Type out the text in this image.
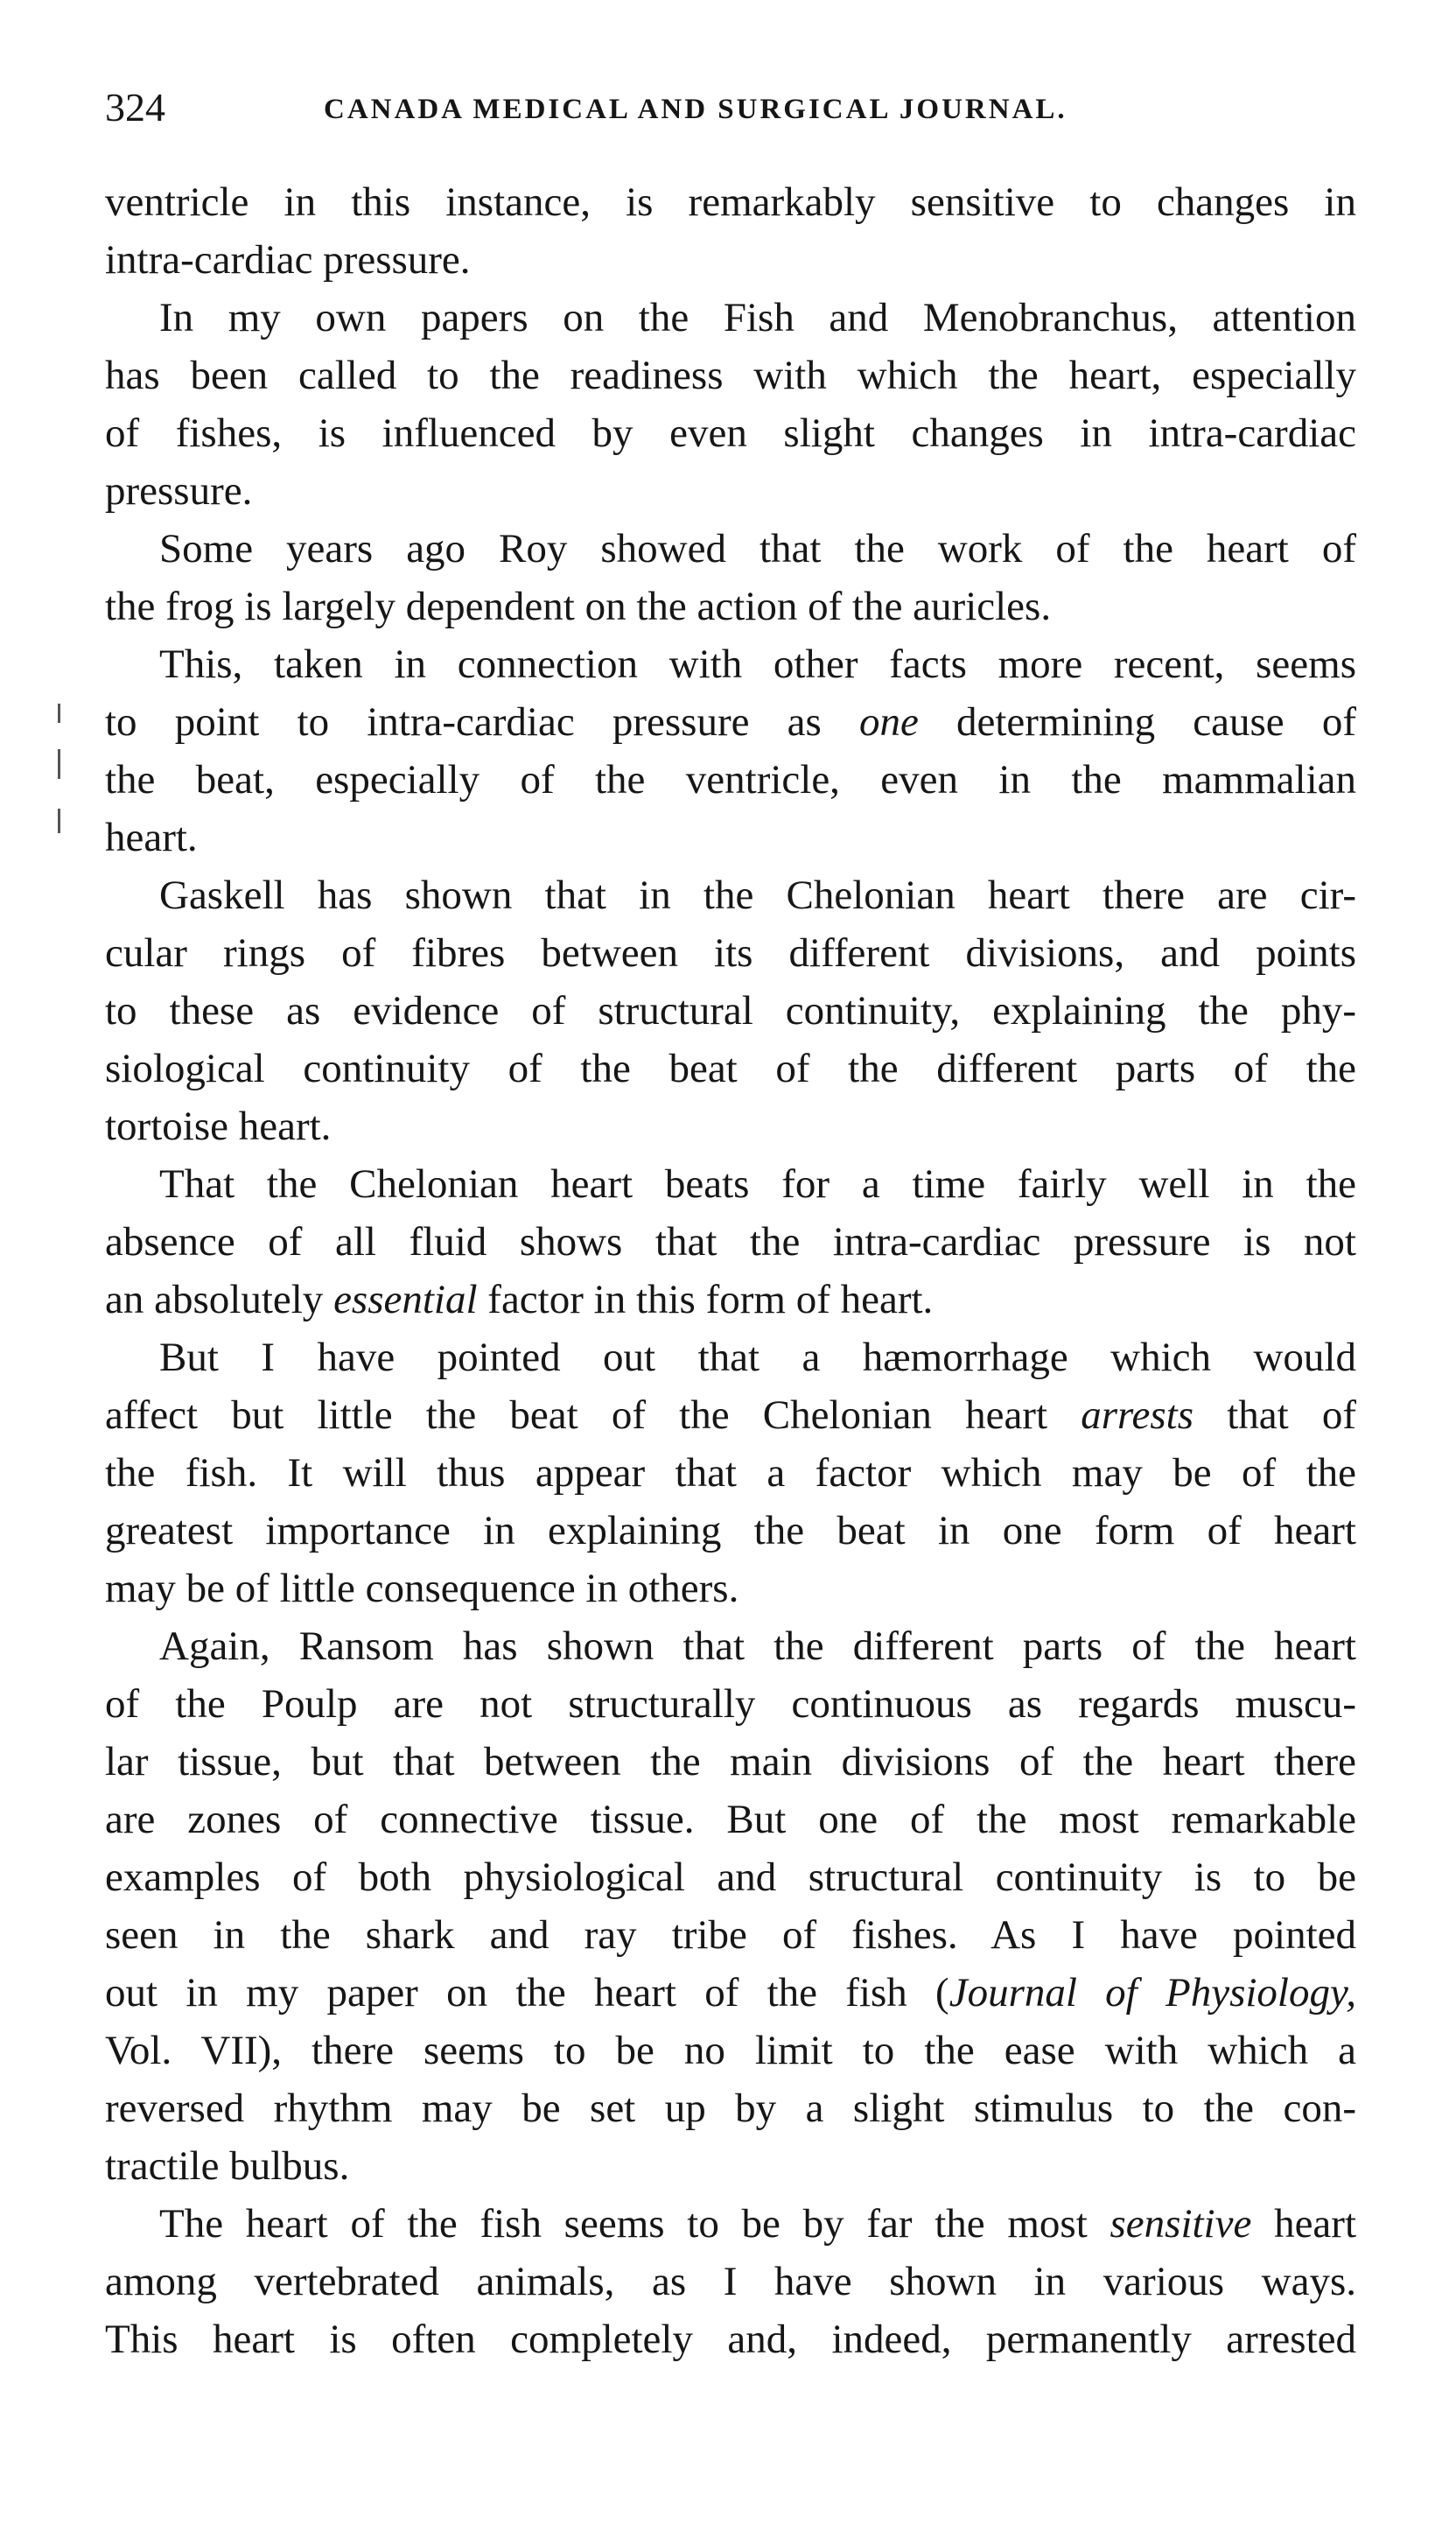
324	CANADA MEDICAL AND SURGICAL JOURNAL.
ventricle in this instance, is remarkably sensitive to changes in
intra-cardiac pressure.
In my own papers on the Fish and Menobranchus, attention
has been called to the readiness with which the heart, especially
of fishes, is influenced by even slight changes in intra-cardiac
pressure.
Some years ago Roy showed that the work of the heart of
the frog is largely dependent on the action of the auricles.
This, taken in connection with other facts more recent, seems
to point to intra-cardiac pressure as one determining cause of
the beat, especially of the ventricle, even in the mammalian
heart.
Gaskell has shown that in the Chelonian heart there are cir-
cular rings of fibres between its different divisions, and points
to these as evidence of structural continuity, explaining the phy-
siological continuity of the beat of the different parts of the
tortoise heart.
That the Chelonian heart beats for a time fairly well in the
absence of all fluid shows that the intra-cardiac pressure is not
an absolutely essential factor in this form of heart.
But I have pointed out that a hæmorrhage which would
affect but little the beat of the Chelonian heart arrests that of
the fish. It will thus appear that a factor which may be of the
greatest importance in explaining the beat in one form of heart
may be of little consequence in others.
Again, Ransom has shown that the different parts of the heart
of the Poulp are not structurally continuous as regards muscu-
lar tissue, but that between the main divisions of the heart there
are zones of connective tissue. But one of the most remarkable
examples of both physiological and structural continuity is to be
seen in the shark and ray tribe of fishes. As I have pointed
out in my paper on the heart of the fish (Journal of Physiology,
Vol. VII), there seems to be no limit to the ease with which a
reversed rhythm may be set up by a slight stimulus to the con-
tractile bulbus.
The heart of the fish seems to be by far the most sensitive heart
among vertebrated animals, as I have shown in various ways.
This heart is often completely and, indeed, permanently arrested
